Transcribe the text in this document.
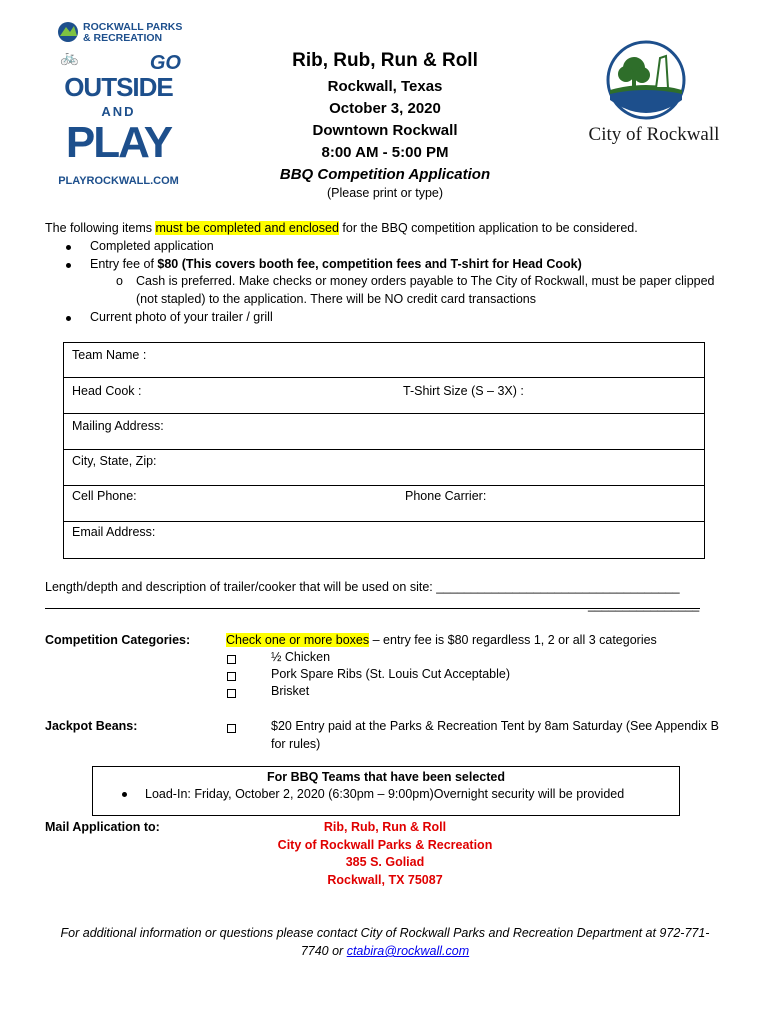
ROCKWALL PARKS & RECREATION
GO
🚲
OUTSIDE
AND
PLAY
PLAYROCKWALL.COM
Rib, Rub, Run & Roll
Rockwall, Texas
October 3, 2020
Downtown Rockwall
8:00 AM - 5:00 PM
BBQ Competition Application
(Please print or type)
City of Rockwall
The following items must be completed and enclosed for the BBQ competition application to be considered.
Completed application
Entry fee of $80 (This covers booth fee, competition fees and T-shirt for Head Cook)
o Cash is preferred. Make checks or money orders payable to The City of Rockwall, must be paper clipped
(not stapled) to the application. There will be NO credit card transactions
Current photo of your trailer / grill
Team Name :
Head Cook :	T-Shirt Size (S – 3X) :
Mailing Address:
City, State, Zip:
Cell Phone:	Phone Carrier:
Email Address:
Length/depth and description of trailer/cooker that will be used on site: ___________________________________
________________
Competition Categories:	Check one or more boxes – entry fee is $80 regardless 1, 2 or all 3 categories
½ Chicken
Pork Spare Ribs (St. Louis Cut Acceptable)
Brisket
Jackpot Beans:	$20 Entry paid at the Parks & Recreation Tent by 8am Saturday (See Appendix B
for rules)
For BBQ Teams that have been selected
Load-In: Friday, October 2, 2020 (6:30pm – 9:00pm)Overnight security will be provided
Mail Application to:	Rib, Rub, Run & Roll
City of Rockwall Parks & Recreation
385 S. Goliad
Rockwall, TX 75087
For additional information or questions please contact City of Rockwall Parks and Recreation Department at 972-771-
7740 or ctabira@rockwall.com
